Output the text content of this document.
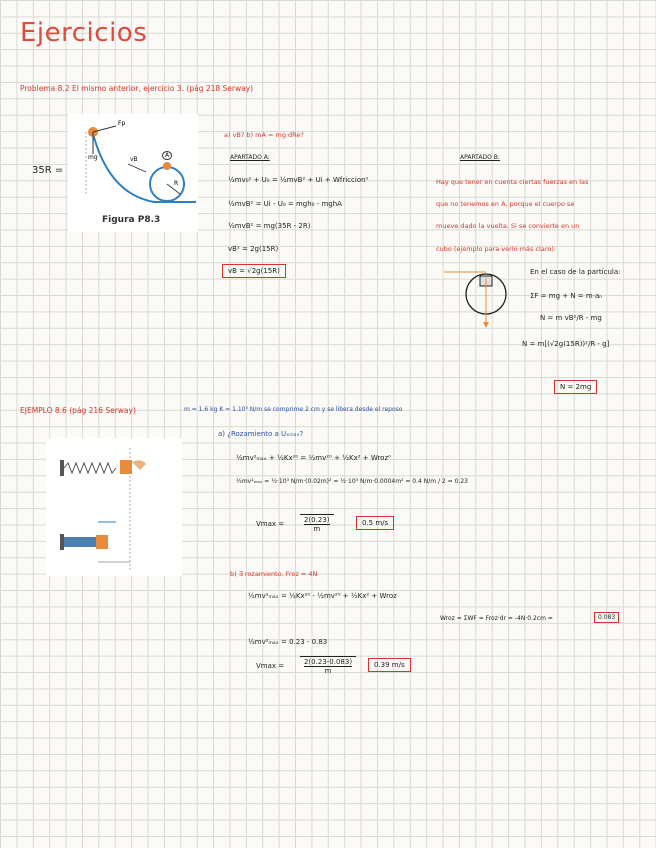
Ejercicios
Problema 8.2 El mismo anterior, ejercicio 3. (pág 218 Serway)
35R =
Fp
mg	vB
A
R
Figura P8.3
a) vB? b) mA = mg·dRe?
APARTADO A:
½mv₀² + U₀ = ½mvB² + Ui + Wfriccion⁰
½mvB² = Ui - U₀ = mgh₀ - mghA
½mvB² = mg(35R - 2R)
vB² = 2g(15R)
vB = √2g(15R)
APARTADO B:
Hay que tener en cuenta ciertas fuerzas en las
que no tenemos en A, porque el cuerpo se
mueve dado la vuelta. Si se convierte en un
cubo (ejemplo para verlo más claro):
En el caso de la partícula:
ΣF = mg + N = m·aₙ
N = m vB²/R - mg
N = m[(√2g(15R))²/R - g]
N = 2mg
EJEMPLO 8.6 (pág 216 Serway)	m = 1.6 kg K = 1.10³ N/m se comprime 2 cm y se libera desde el reposo
a) ¿Rozamiento a Uₓₘₐₓ?
½mv²ₘₐₓ + ½Kx²⁰ = ½mv²⁰ + ½Kx² + Wroz⁰
½mv²ₘₐₓ = ½·10³ N/m·(0.02m)² = ½·10³ N/m·0.0004m² = 0.4 N/m / 2 = 0.23
$Vmax = \frac{2(0.23)}{m}$	0.5 m/s
b) ∃ rozamiento. Froz = 4N
½mv²ₘₐₓ = ½Kx²⁰ - ½mv²⁰ + ½Kx² + Wroz
Wroz = ΣWF = Froz·dr = -4N·0.2cm =	0.083
½mv²ₘₐₓ = 0.23 - 0.83
$Vmax = \frac{2(0.23-0.083)}{m}$	0.39 m/s
